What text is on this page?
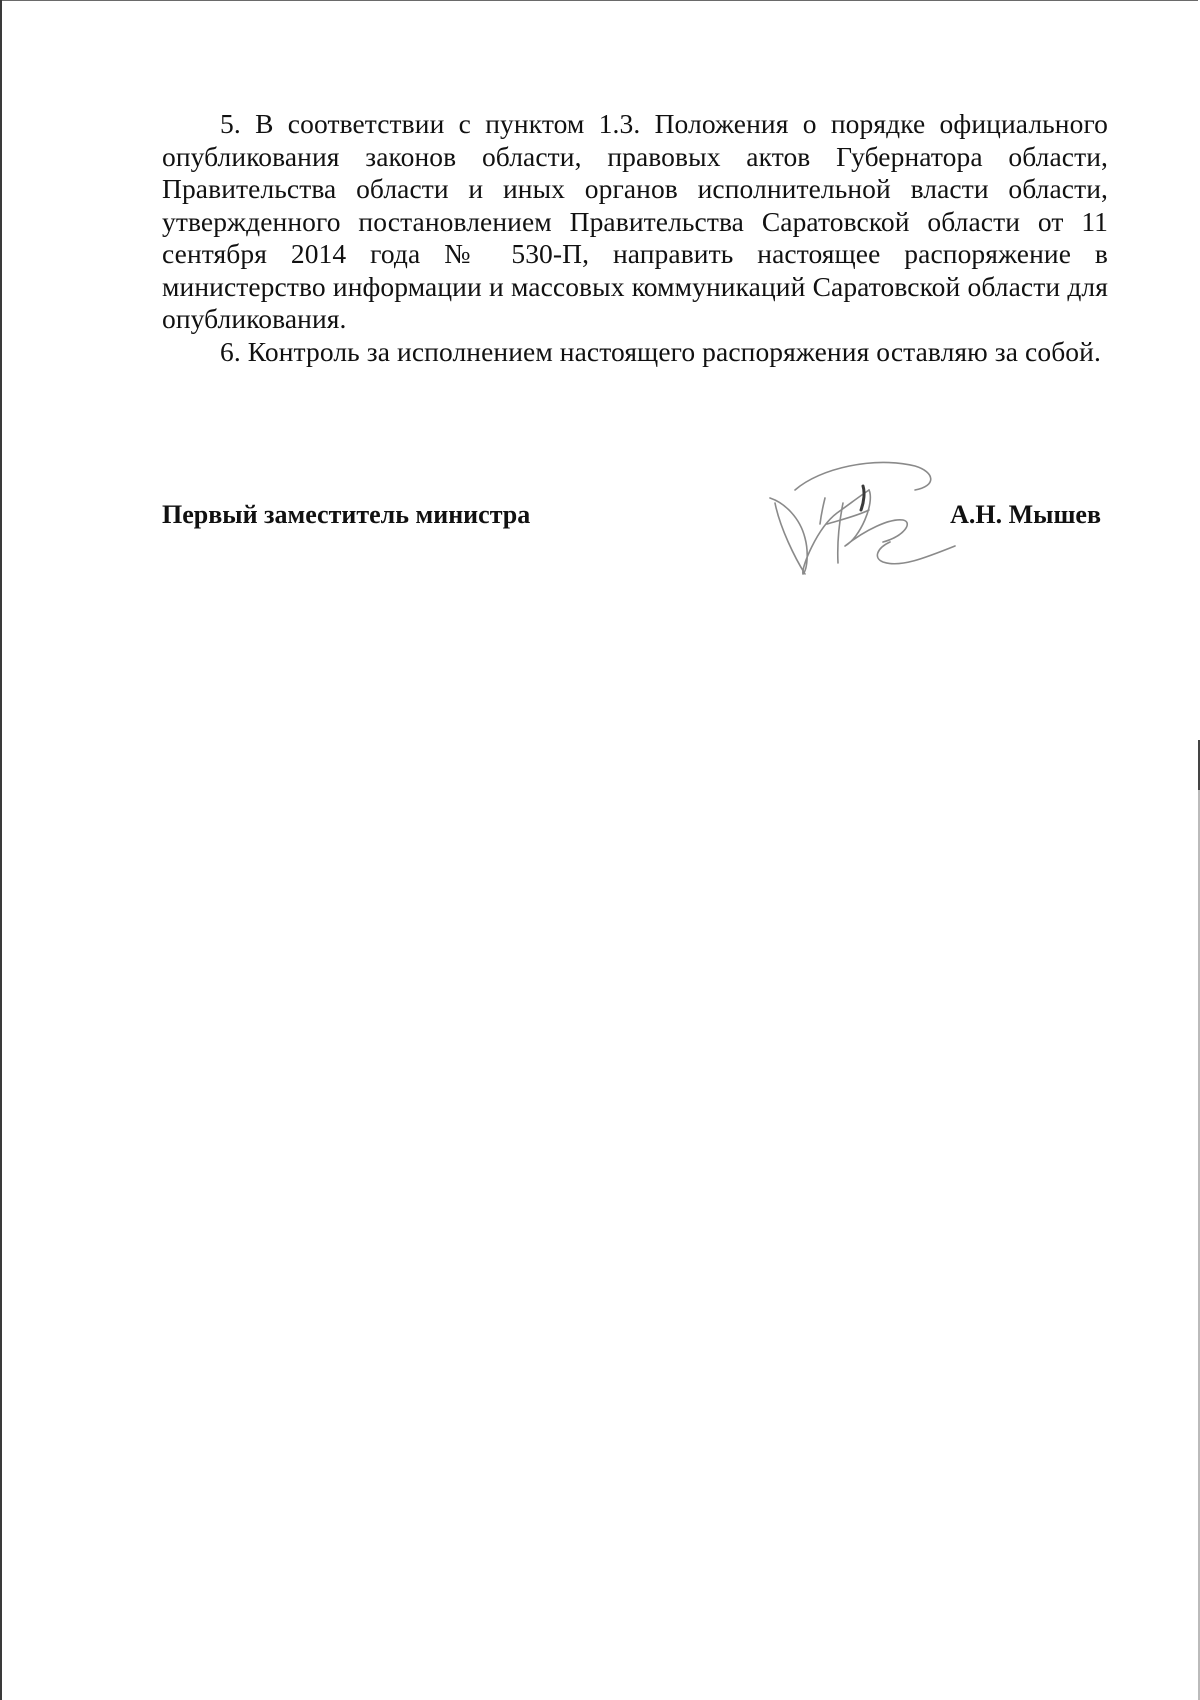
5. В соответствии с пунктом 1.3. Положения о порядке официального опубликования законов области, правовых актов Губернатора области, Правительства области и иных органов исполнительной власти области, утвержденного постановлением Правительства Саратовской области от 11 сентября 2014 года № 530-П, направить настоящее распоряжение в министерство информации и массовых коммуникаций Саратовской области для опубликования.

6. Контроль за исполнением настоящего распоряжения оставляю за собой.

Первый заместитель министра	А.Н. Мышев
